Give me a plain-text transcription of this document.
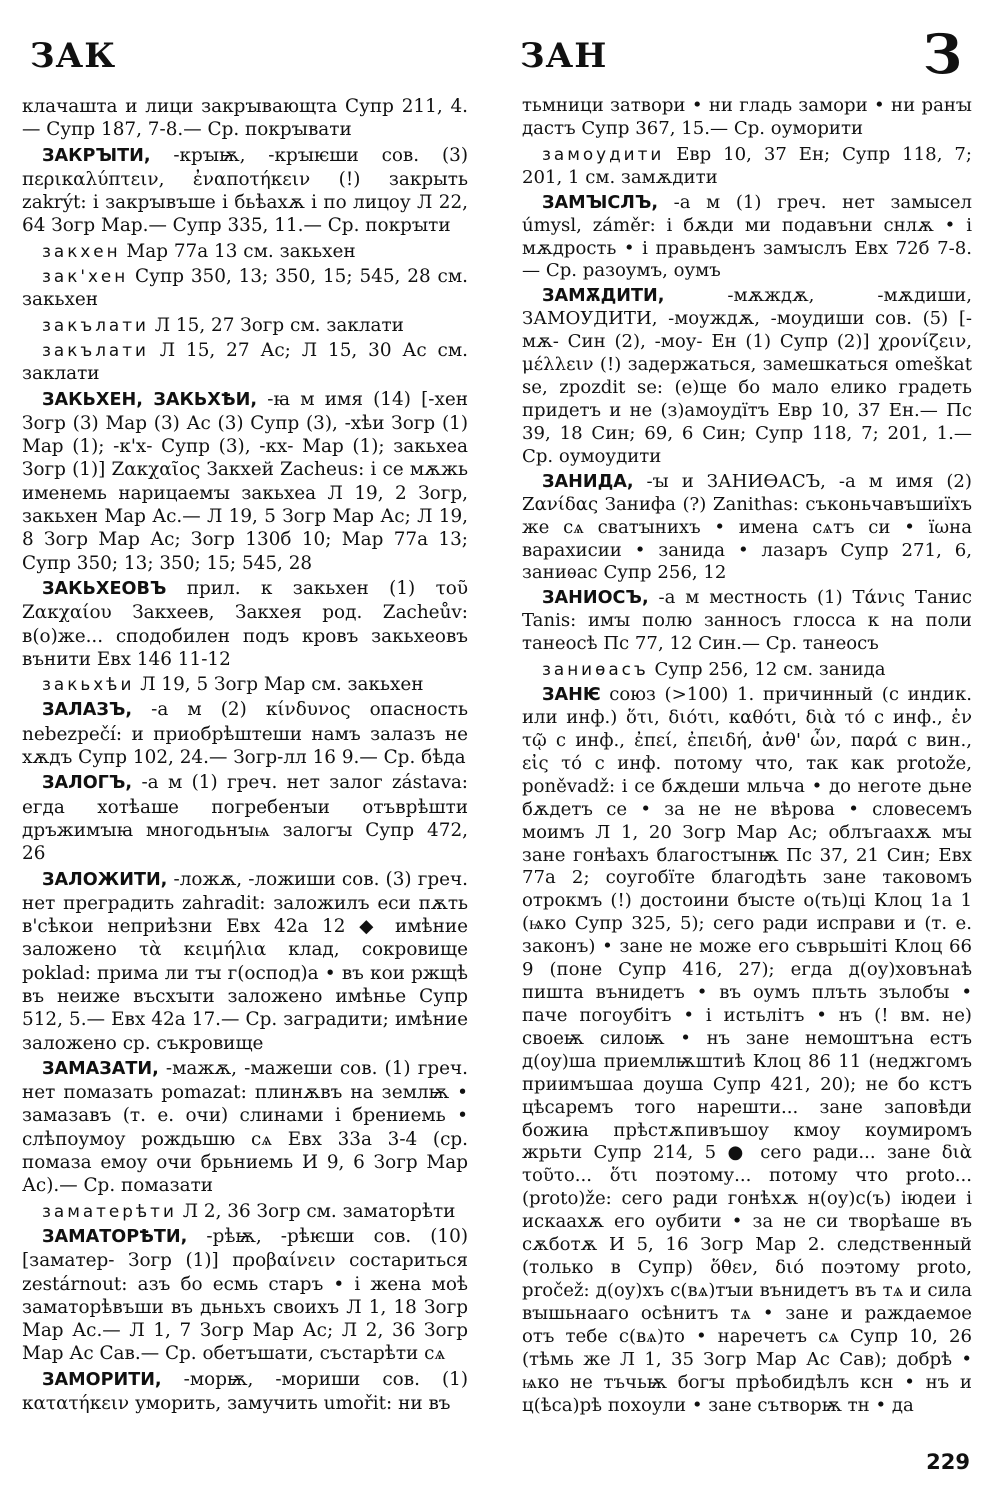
ЗАК	ЗАН	З

клачашта и лици закрꙑвающта Супр 211, 4.— Супр 187, 7-8.— Ср. покрꙑвати

ЗАКРꙐТИ, -крꙑѭ, -крꙑѥши сов. (3) περικαλύπτειν, ἐναποτήκειν (!) закрыть zakrýt: і закрꙑвъше і бьѣахѫ і по лицоу Л 22, 64 Зогр Мар.— Супр 335, 11.— Ср. покрꙑти

закхен Мар 77а 13 см. закьхен

зак'хен Супр 350, 13; 350, 15; 545, 28 см. закьхен

закълати Л 15, 27 Зогр см. заклати

закълати Л 15, 27 Ас; Л 15, 30 Ас см. заклати

ЗАКЬХЕН, ЗАКЬХѢИ, -ꙗ м имя (14) [-хен Зогр (3) Мар (3) Ас (3) Супр (3), -хѣи Зогр (1) Мар (1); -к'х- Супр (3), -кх- Мар (1); закьхеа Зогр (1)] Ζακχαῖος Закхей Zacheus: і се мѫжь именемь нарицаемꙑ закьхеа Л 19, 2 Зогр, закьхен Мар Ас.— Л 19, 5 Зогр Мар Ас; Л 19, 8 Зогр Мар Ас; Зогр 130б 10; Мар 77а 13; Супр 350; 13; 350; 15; 545, 28

ЗАКЬХЕОВЪ прил. к закьхен (1) τοῦ Ζακχαίου Закхеев, Закхея род. Zacheův: в(о)же... сподобилен подъ кровъ закьхеовъ вънити Евх 146 11-12

закьхѣи Л 19, 5 Зогр Мар см. закьхен

ЗАЛАЗЪ, -а м (2) κίνδυνος опасность nebezpečí: и приобрѣштеши намъ залазъ не хѫдъ Супр 102, 24.— Зогр-лл 16 9.— Ср. бѣда

ЗАЛОГЪ, -а м (1) греч. нет залог zástava: егда хотѣаше погребенꙑи отъврѣшти дръжимꙑꙗ многодьнꙑѩ залогꙑ Супр 472, 26

ЗАЛОЖИТИ, -ложѫ, -ложиши сов. (3) греч. нет преградить zahradit: заложилъ еси пѫть в'сѣкои неприѣзни Евх 42а 12 ◆ имѣние заложено τὰ κειμήλια клад, сокровище poklad: прима ли тꙑ г(оспод)а • въ кои ржщѣ въ неиже въсхꙑти заложено имѣнье Супр 512, 5.— Евх 42а 17.— Ср. заградити; имѣние заложено ср. съкровище

ЗАМАЗАТИ, -мажѫ, -мажеши сов. (1) греч. нет помазать pomazat: плинѫвъ на землѭ • замазавъ (т. е. очи) слинами і брениемь • слѣпоумоу рождьшю сѧ Евх 33а 3-4 (ср. помаза емоу очи брьниемь И 9, 6 Зогр Мар Ас).— Ср. помазати

заматерѣти Л 2, 36 Зогр см. заматорѣти

ЗАМАТОРѢТИ, -рѣѭ, -рѣѥши сов. (10) [заматер- Зогр (1)] προβαίνειν состариться zestárnout: азъ бо есмь старъ • і жена моѣ заматорѣвъши въ дьньхъ своихъ Л 1, 18 Зогр Мар Ас.— Л 1, 7 Зогр Мар Ас; Л 2, 36 Зогр Мар Ас Сав.— Ср. обетъшати, състарѣти сѧ

ЗАМОРИТИ, -морѭ, -мориши сов. (1) κατατήκειν уморить, замучить umořit: ни въ

тьмници затвори • ни гладь замори • ни ранꙑ дастъ Супр 367, 15.— Ср. оуморити

замоудити Евр 10, 37 Ен; Супр 118, 7; 201, 1 см. замѫдити

ЗАМꙐСЛЪ, -а м (1) греч. нет замысел úmysl, záměr: і бѫди ми подавъни снлѫ • і мѫдрость • і правьденъ замꙑслъ Евх 72б 7-8.— Ср. разоумъ, оумъ

ЗАМѪДИТИ, -мѫждѫ, -мѫдиши, ЗАМОУДИТИ, -моуждѫ, -моудиши сов. (5) [-мѫ- Син (2), -моу- Ен (1) Супр (2)] χρονίζειν, μέλλειν (!) задержаться, замешкаться omeškat se, zpozdit se: (е)ще бо мало елико градеть придетъ и не (з)амоудїтъ Евр 10, 37 Ен.— Пс 39, 18 Син; 69, 6 Син; Супр 118, 7; 201, 1.— Ср. оумоудити

ЗАНИДА, -ꙑ и ЗАНИѲАСЪ, -а м имя (2) Ζανίδας Занифа (?) Zanithas: съконьчавъшиїхъ же сѧ сватꙑнихъ • имена сѧтъ си • їωна варахисии • занида • лазаръ Супр 271, 6, заниѳас Супр 256, 12

ЗАНИОСЪ, -а м местность (1) Τάνις Танис Tanis: имꙑ полю занносъ глосса к на поли танеосѣ Пс 77, 12 Син.— Ср. танеосъ

заниѳасъ Супр 256, 12 см. занида

ЗАНѤ союз (>100) 1. причинный (с индик. или инф.) ὅτι, διότι, καθότι, διὰ τό с инф., ἐν τῷ с инф., ἐπεί, ἐπειδή, ἀνθ' ὧν, παρά с вин., εἰς τό с инф. потому что, так как protože, poněvadž: і се бѫдеши мльча • до неготе дьне бѫдетъ се • за не не вѣрова • словесемъ моимъ Л 1, 20 Зогр Мар Ас; облъгаахѫ мꙑ зане гонѣахъ благостꙑнѭ Пс 37, 21 Син; Евх 77а 2; соугобїте благодѣть зане таковомъ отрокмъ (!) достоини бꙑсте о(ть)ці Клоц 1а 1 (ѩко Супр 325, 5); сего ради исправи и (т. е. законъ) • зане не може его съврьшіті Клоц 66 9 (поне Супр 416, 27); егда д(оу)ховънаѣ пишта вънидетъ • въ оумъ плъть зълобꙑ • паче погоубітъ • і истьлітъ • нъ (! вм. не) своеѭ силоѭ • нъ зане немоштъна естъ д(оу)ша приемлѭштиѣ Клоц 86 11 (неджгомъ приимъшаа доуша Супр 421, 20); не бо кстъ цѣсаремъ того нарешти... зане заповѣди божиꙗ прѣстѫпивъшоу кмоу коумиромъ жрьти Супр 214, 5 ● сего ради... зане διὰ τοῦτο... ὅτι поэтому... потому что proto... (proto)že: сего ради гонѣхѫ н(оу)с(ъ) іюдеи і искаахѫ его оубити • за не си творѣаше въ сѫботѫ И 5, 16 Зогр Мар 2. следственный (только в Супр) ὅθεν, διό поэтому proto, pročež: д(оу)хъ с(вѧ)тꙑи вънидетъ въ тѧ и сила вꙑшьнааго осѣнитъ тѧ • зане и раждаемое отъ тебе с(вѧ)то • наречетъ сѧ Супр 10, 26 (тѣмь же Л 1, 35 Зогр Мар Ас Сав); добрѣ • ѩко не тъчьѭ богꙑ прѣобидѣлъ ксн • нъ и ц(ѣса)рѣ похоули • зане сътворѭ тн • да

229
